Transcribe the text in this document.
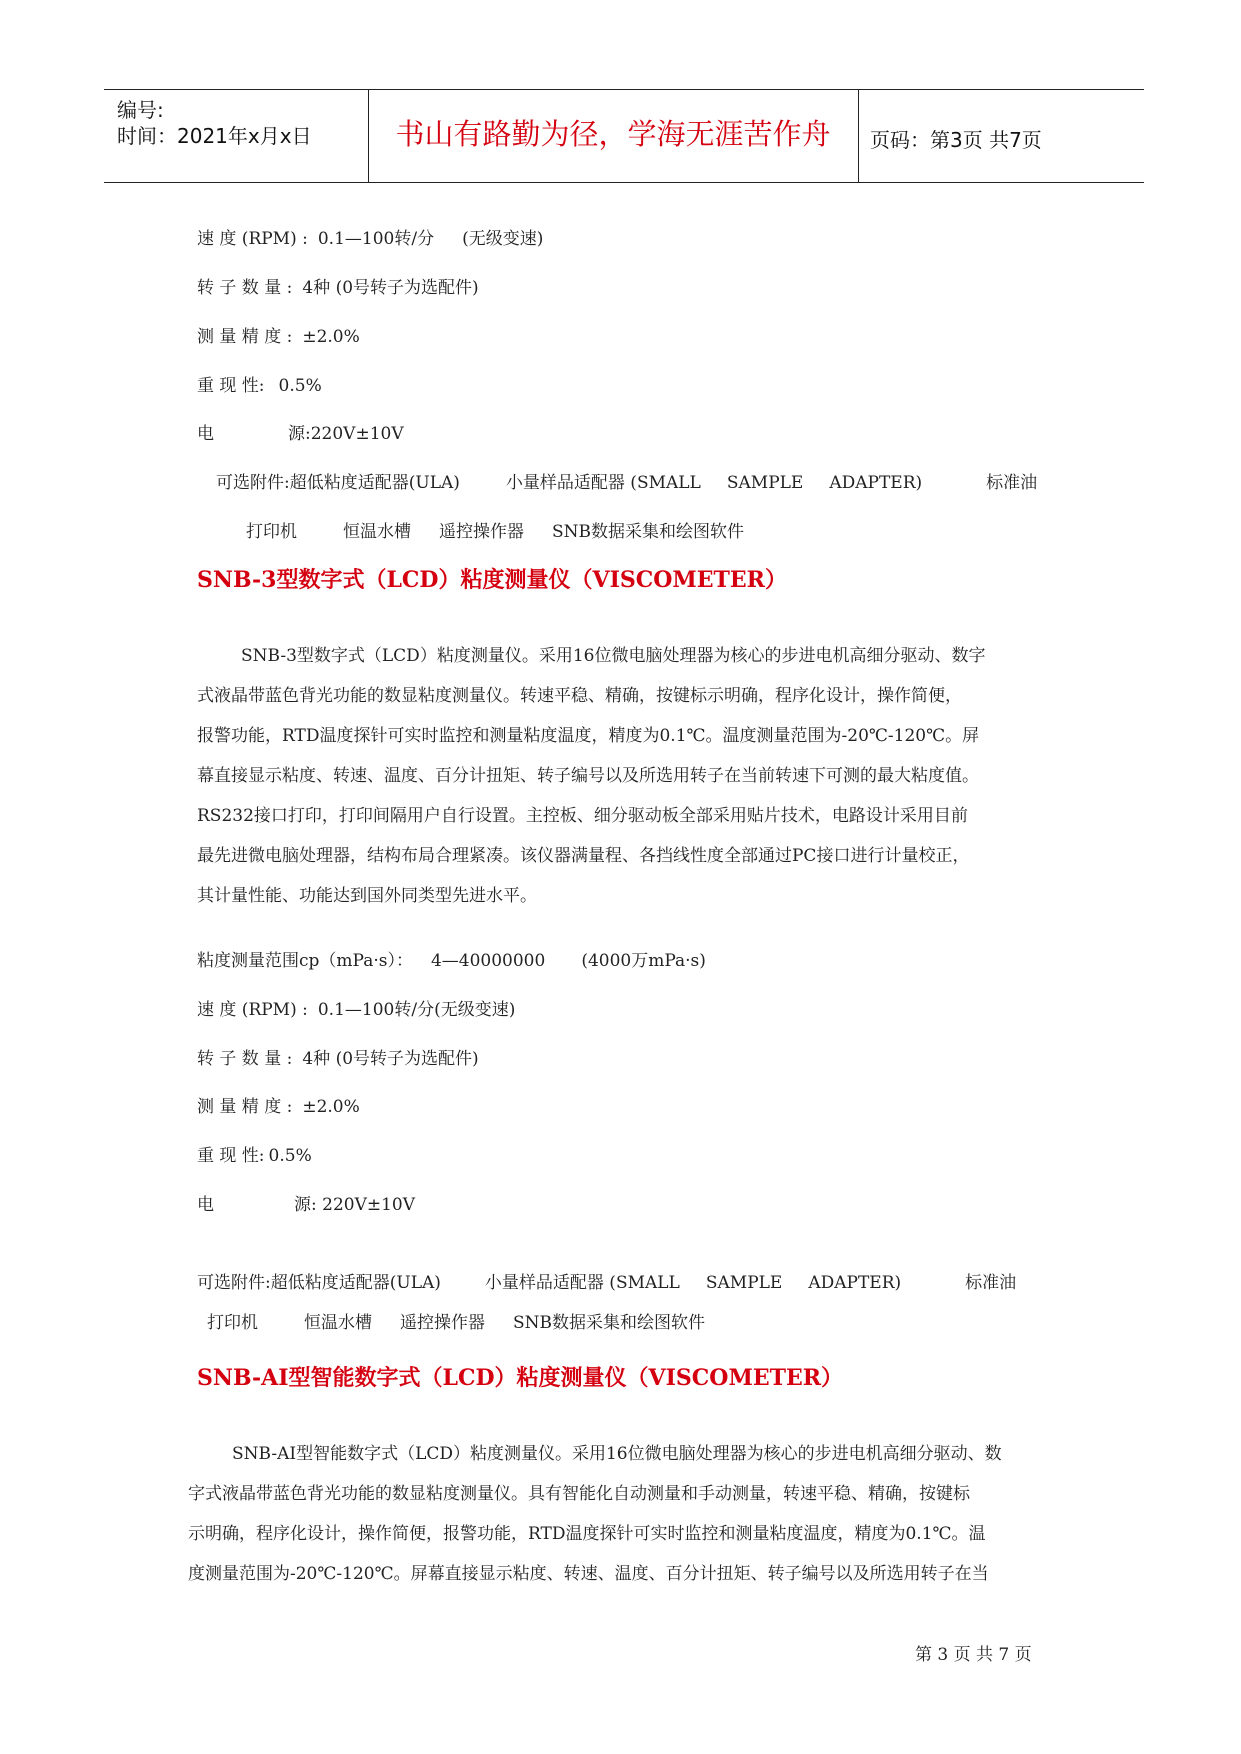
编号:
时间：2021年x月x日	书山有路勤为径，学海无涯苦作舟	页码：第3页 共7页
速 度 (RPM) : 0.1—100转/分 (无级变速)
转 子 数 量 : 4种 (0号转子为选配件)
测 量 精 度 : ±2.0%
重 现 性: 0.5%
电	源:220V±10V
可选附件:超低粘度适配器(ULA)	小量样品适配器 (SMALL SAMPLE ADAPTER)	标准油
打印机	恒温水槽 遥控操作器 SNB数据采集和绘图软件
SNB-3型数字式（LCD）粘度测量仪（VISCOMETER）
SNB-3型数字式（LCD）粘度测量仪。采用16位微电脑处理器为核心的步进电机高细分驱动、数字
式液晶带蓝色背光功能的数显粘度测量仪。转速平稳、精确，按键标示明确，程序化设计，操作简便，
报警功能，RTD温度探针可实时监控和测量粘度温度，精度为0.1℃。温度测量范围为-20℃-120℃。屏
幕直接显示粘度、转速、温度、百分计扭矩、转子编号以及所选用转子在当前转速下可测的最大粘度值。
RS232接口打印，打印间隔用户自行设置。主控板、细分驱动板全部采用贴片技术，电路设计采用目前
最先进微电脑处理器，结构布局合理紧凑。该仪器满量程、各挡线性度全部通过PC接口进行计量校正，
其计量性能、功能达到国外同类型先进水平。
粘度测量范围cp（mPa·s）： 4—40000000 (4000万mPa·s)
速 度 (RPM) : 0.1—100转/分(无级变速)
转 子 数 量 : 4种 (0号转子为选配件)
测 量 精 度 : ±2.0%
重 现 性: 0.5%
电	源: 220V±10V
可选附件:超低粘度适配器(ULA)	小量样品适配器 (SMALL SAMPLE ADAPTER)	标准油
打印机	恒温水槽 遥控操作器 SNB数据采集和绘图软件
SNB-AI型智能数字式（LCD）粘度测量仪（VISCOMETER）
SNB-AI型智能数字式（LCD）粘度测量仪。采用16位微电脑处理器为核心的步进电机高细分驱动、数
字式液晶带蓝色背光功能的数显粘度测量仪。具有智能化自动测量和手动测量，转速平稳、精确，按键标
示明确，程序化设计，操作简便，报警功能，RTD温度探针可实时监控和测量粘度温度，精度为0.1℃。温
度测量范围为-20℃-120℃。屏幕直接显示粘度、转速、温度、百分计扭矩、转子编号以及所选用转子在当
第 3 页 共 7 页
